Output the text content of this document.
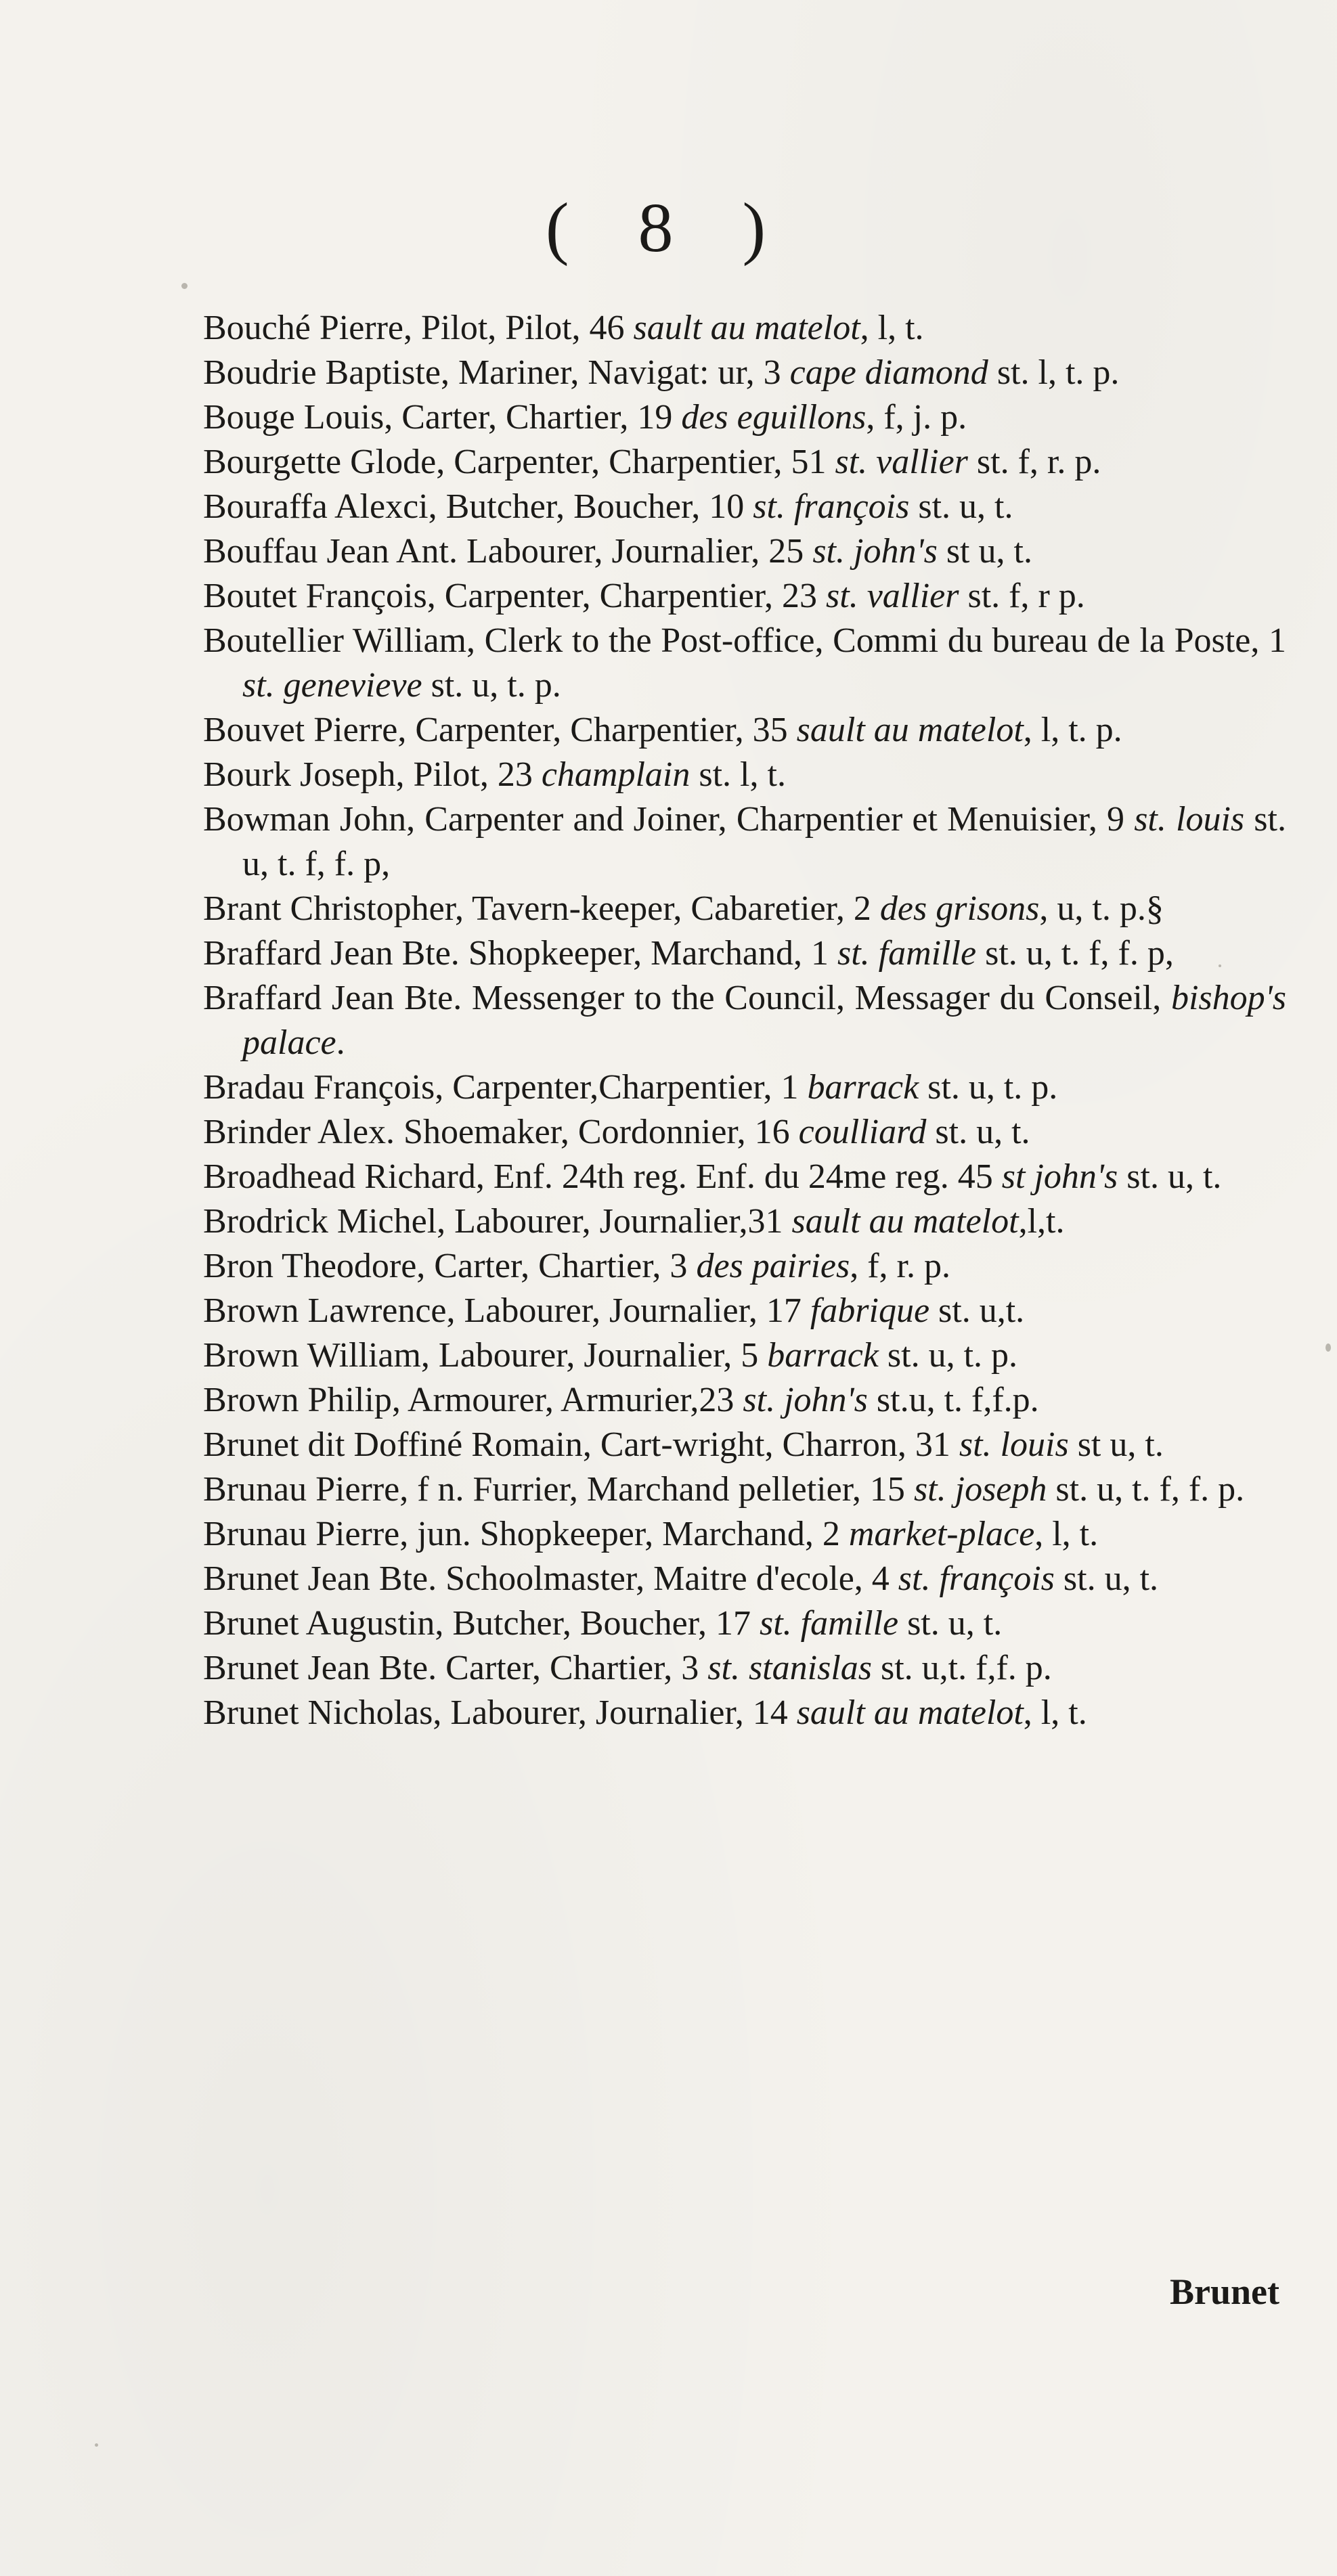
( 8 )

Bouché Pierre, Pilot, Pilot, 46 sault au matelot, l, t.

Boudrie Baptiste, Mariner, Navigat: ur, 3 cape diamond st. l, t. p.

Bouge Louis, Carter, Chartier, 19 des eguillons, f, j. p.

Bourgette Glode, Carpenter, Charpentier, 51 st. vallier st. f, r. p.

Bouraffa Alexci, Butcher, Boucher, 10 st. françois st. u, t.

Bouffau Jean Ant. Labourer, Journalier, 25 st. john's st u, t.

Boutet François, Carpenter, Charpentier, 23 st. vallier st. f, r p.

Boutellier William, Clerk to the Post-office, Commi du bureau de la Poste, 1 st. genevieve st. u, t. p.

Bouvet Pierre, Carpenter, Charpentier, 35 sault au matelot, l, t. p.

Bourk Joseph, Pilot, 23 champlain st. l, t.

Bowman John, Carpenter and Joiner, Charpentier et Menuisier, 9 st. louis st. u, t. f, f. p,

Brant Christopher, Tavern-keeper, Cabaretier, 2 des grisons, u, t. p.§

Braffard Jean Bte. Shopkeeper, Marchand, 1 st. famille st. u, t. f, f. p,

Braffard Jean Bte. Messenger to the Council, Messager du Conseil, bishop's palace.

Bradau François, Carpenter,Charpentier, 1 barrack st. u, t. p.

Brinder Alex. Shoemaker, Cordonnier, 16 coulliard st. u, t.

Broadhead Richard, Enf. 24th reg. Enf. du 24me reg. 45 st john's st. u, t.

Brodrick Michel, Labourer, Journalier,31 sault au matelot,l,t.

Bron Theodore, Carter, Chartier, 3 des pairies, f, r. p.

Brown Lawrence, Labourer, Journalier, 17 fabrique st. u,t.

Brown William, Labourer, Journalier, 5 barrack st. u, t. p.

Brown Philip, Armourer, Armurier,23 st. john's st.u, t. f,f.p.

Brunet dit Doffiné Romain, Cart-wright, Charron, 31 st. louis st u, t.

Brunau Pierre, f n. Furrier, Marchand pelletier, 15 st. joseph st. u, t. f, f. p.

Brunau Pierre, jun. Shopkeeper, Marchand, 2 market-place, l, t.

Brunet Jean Bte. Schoolmaster, Maitre d'ecole, 4 st. françois st. u, t.

Brunet Augustin, Butcher, Boucher, 17 st. famille st. u, t.

Brunet Jean Bte. Carter, Chartier, 3 st. stanislas st. u,t. f,f. p.

Brunet Nicholas, Labourer, Journalier, 14 sault au matelot, l, t.

Brunet
